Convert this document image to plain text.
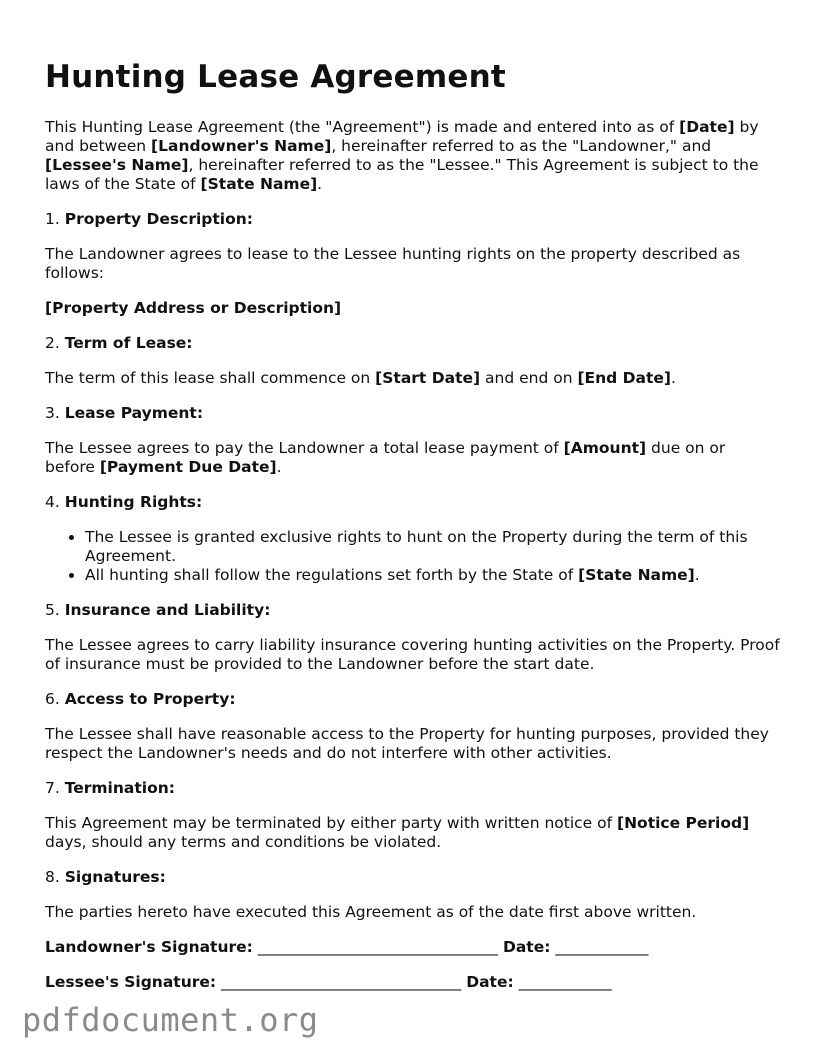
Hunting Lease Agreement

This Hunting Lease Agreement (the "Agreement") is made and entered into as of [Date] by and between [Landowner's Name], hereinafter referred to as the "Landowner," and [Lessee's Name], hereinafter referred to as the "Lessee." This Agreement is subject to the laws of the State of [State Name].

1. Property Description:

The Landowner agrees to lease to the Lessee hunting rights on the property described as follows:

[Property Address or Description]

2. Term of Lease:

The term of this lease shall commence on [Start Date] and end on [End Date].

3. Lease Payment:

The Lessee agrees to pay the Landowner a total lease payment of [Amount] due on or before [Payment Due Date].

4. Hunting Rights:
• The Lessee is granted exclusive rights to hunt on the Property during the term of this Agreement.
• All hunting shall follow the regulations set forth by the State of [State Name].
5. Insurance and Liability:

The Lessee agrees to carry liability insurance covering hunting activities on the Property. Proof of insurance must be provided to the Landowner before the start date.

6. Access to Property:

The Lessee shall have reasonable access to the Property for hunting purposes, provided they respect the Landowner's needs and do not interfere with other activities.

7. Termination:

This Agreement may be terminated by either party with written notice of [Notice Period] days, should any terms and conditions be violated.

8. Signatures:

The parties hereto have executed this Agreement as of the date first above written.

Landowner's Signature: _______________________________ Date: ____________
Lessee's Signature: _______________________________ Date: ____________
pdfdocument.org
